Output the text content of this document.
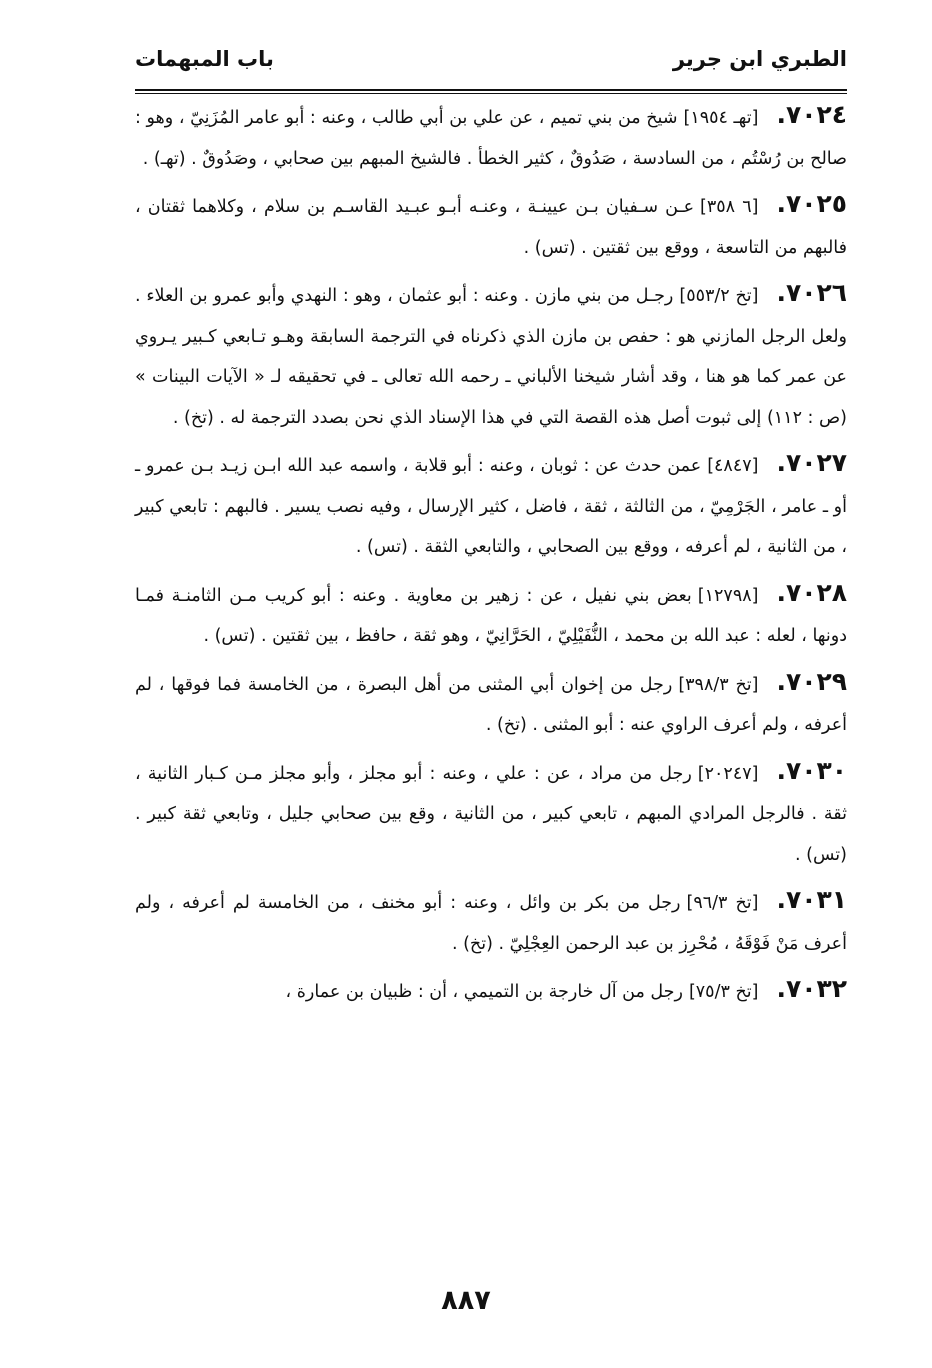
الطبري ابن جرير
باب المبهمات

٧٠٢٤.[تهـ ١٩٥٤]شيخ من بني تميم ، عن علي بن أبي طالب ، وعنه : أبو عامر المُزَنِيّ ، وهو : صالح بن رُسْتُم ، من السادسة ، صَدُوقٌ ، كثير الخطأ . فالشيخ المبهم بين صحابي ، وصَدُوقٌ . (تهـ) .

٧٠٢٥.[٦ ٣٥٨]عـن سـفيان بـن عيينـة ، وعنـه أبـو عبـيد القاسـم بن سلام ، وكلاهما ثقتان ، فالبهم من التاسعة ، ووقع بين ثقتين . (تس) .

٧٠٢٦.[تخ ٥٥٣/٢]رجـل من بني مازن . وعنه : أبو عثمان ، وهو : النهدي وأبو عمرو بن العلاء . ولعل الرجل المازني هو : حفص بن مازن الذي ذكرناه في الترجمة السابقة وهـو تـابعي كـبير يـروي عن عمر كما هو هنا ، وقد أشار شيخنا الألباني ـ رحمه الله تعالى ـ في تحقيقه لـ « الآيات البينات » (ص : ١١٢) إلى ثبوت أصل هذه القصة التي في هذا الإسناد الذي نحن بصدد الترجمة له . (تخ) .

٧٠٢٧.[٤٨٤٧]عمن حدث عن : ثوبان ، وعنه : أبو قلابة ، واسمه عبد الله ابـن زيـد بـن عمرو ـ أو ـ عامر ، الجَرْمِيّ ، من الثالثة ، ثقة ، فاضل ، كثير الإرسال ، وفيه نصب يسير . فالبهم : تابعي كبير ، من الثانية ، لم أعرفه ، ووقع بين الصحابي ، والتابعي الثقة . (تس) .

٧٠٢٨.[١٢٧٩٨]بعض بني نفيل ، عن : زهير بن معاوية . وعنه : أبو كريب مـن الثامنـة فمـا دونها ، لعله : عبد الله بن محمد ، النُّفَيْلِيّ ، الحَرَّانِيّ ، وهو ثقة ، حافظ ، بين ثقتين . (تس) .

٧٠٢٩.[تخ ٣٩٨/٣]رجل من إخوان أبي المثنى من أهل البصرة ، من الخامسة فما فوقها ، لم أعرفه ، ولم أعرف الراوي عنه : أبو المثنى . (تخ) .

٧٠٣٠.[٢٠٢٤٧]رجل من مراد ، عن : علي ، وعنه : أبو مجلز ، وأبو مجلز مـن كـبار الثانية ، ثقة . فالرجل المرادي المبهم ، تابعي كبير ، من الثانية ، وقع بين صحابي جليل ، وتابعي ثقة كبير . (تس) .

٧٠٣١.[تخ ٩٦/٣]رجل من بكر بن وائل ، وعنه : أبو مخنف ، من الخامسة لم أعرفه ، ولم أعرف مَنْ فَوْقَهُ ، مُحْرِز بن عبد الرحمن العِجْلِيّ . (تخ) .

٧٠٣٢.[تخ ٧٥/٣]رجل من آل خارجة بن التميمي ، أن : ظبيان بن عمارة ،

٨٨٧
